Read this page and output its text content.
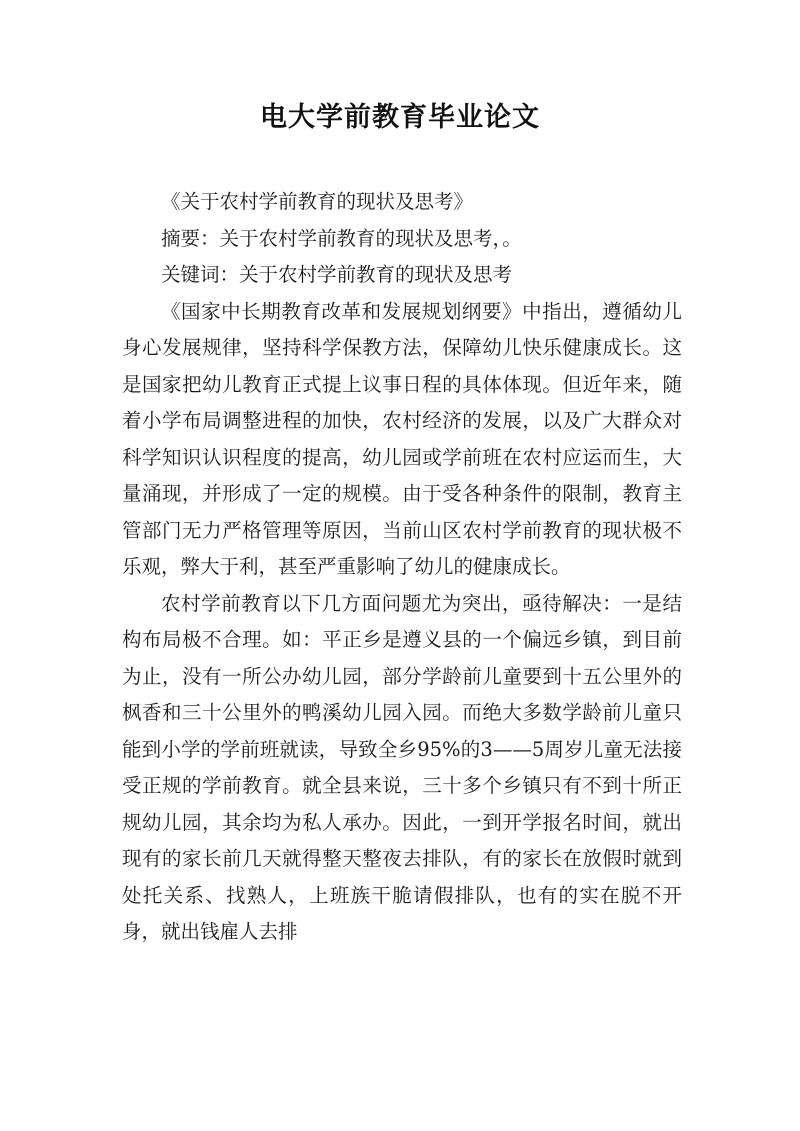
电大学前教育毕业论文

《关于农村学前教育的现状及思考》

摘要：关于农村学前教育的现状及思考，。

关键词：关于农村学前教育的现状及思考

《国家中长期教育改革和发展规划纲要》中指出，遵循幼儿身心发展规律，坚持科学保教方法，保障幼儿快乐健康成长。这是国家把幼儿教育正式提上议事日程的具体体现。但近年来，随着小学布局调整进程的加快，农村经济的发展，以及广大群众对科学知识认识程度的提高，幼儿园或学前班在农村应运而生，大量涌现，并形成了一定的规模。由于受各种条件的限制，教育主管部门无力严格管理等原因，当前山区农村学前教育的现状极不乐观，弊大于利，甚至严重影响了幼儿的健康成长。

农村学前教育以下几方面问题尤为突出，亟待解决：一是结构布局极不合理。如：平正乡是遵义县的一个偏远乡镇，到目前为止，没有一所公办幼儿园，部分学龄前儿童要到十五公里外的枫香和三十公里外的鸭溪幼儿园入园。而绝大多数学龄前儿童只能到小学的学前班就读，导致全乡95%的3——5周岁儿童无法接受正规的学前教育。就全县来说，三十多个乡镇只有不到十所正规幼儿园，其余均为私人承办。因此，一到开学报名时间，就出现有的家长前几天就得整天整夜去排队，有的家长在放假时就到处托关系、找熟人，上班族干脆请假排队，也有的实在脱不开身，就出钱雇人去排
